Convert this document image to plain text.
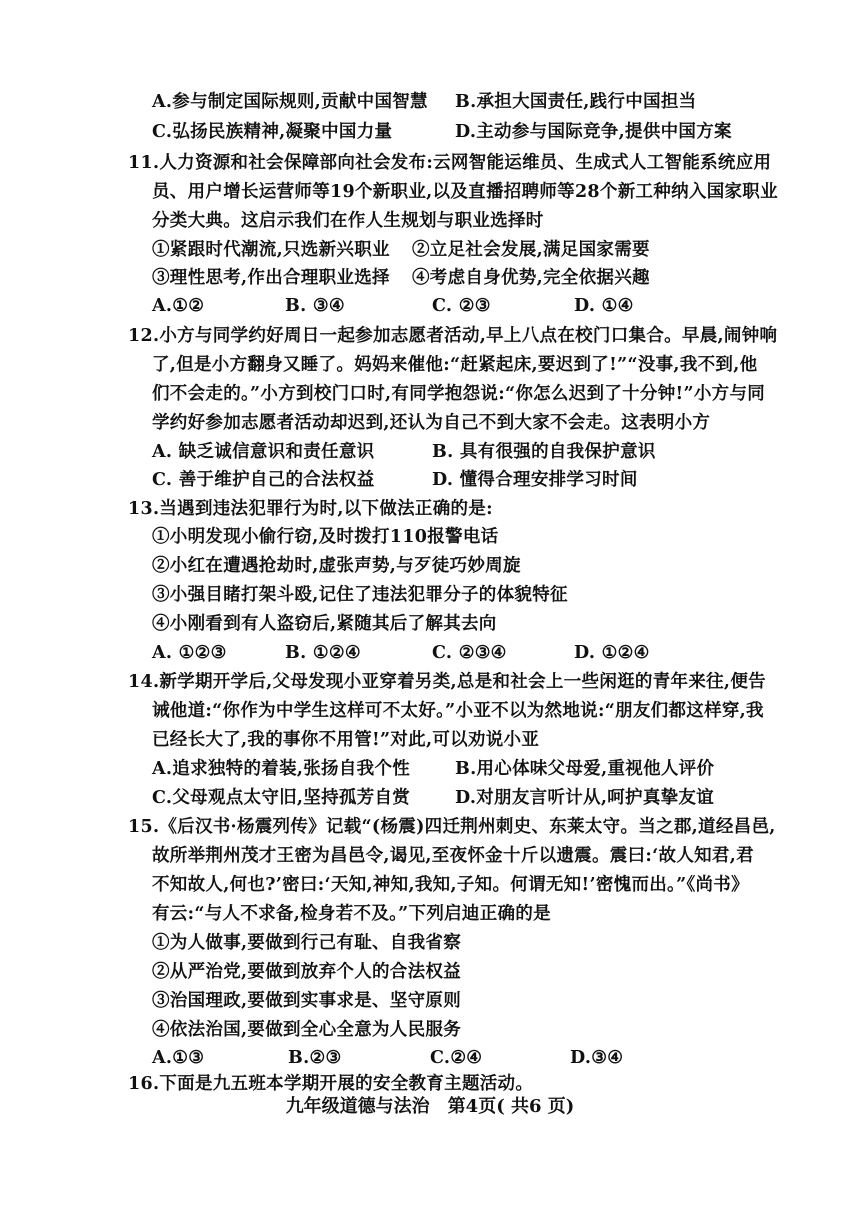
A.参与制定国际规则,贡献中国智慧 B.承担大国责任,践行中国担当
C.弘扬民族精神,凝聚中国力量	D.主动参与国际竞争,提供中国方案
11.人力资源和社会保障部向社会发布:云网智能运维员、生成式人工智能系统应用
员、用户增长运营师等19个新职业,以及直播招聘师等28个新工种纳入国家职业
分类大典。这启示我们在作人生规划与职业选择时
①紧跟时代潮流,只选新兴职业 ②立足社会发展,满足国家需要
③理性思考,作出合理职业选择 ④考虑自身优势,完全依据兴趣
A.①②	B. ③④	C. ②③	D. ①④
12.小方与同学约好周日一起参加志愿者活动,早上八点在校门口集合。早晨,闹钟响
了,但是小方翻身又睡了。妈妈来催他:“赶紧起床,要迟到了!”“没事,我不到,他
们不会走的。”小方到校门口时,有同学抱怨说:“你怎么迟到了十分钟!”小方与同
学约好参加志愿者活动却迟到,还认为自己不到大家不会走。这表明小方
A. 缺乏诚信意识和责任意识	B. 具有很强的自我保护意识
C. 善于维护自己的合法权益	D. 懂得合理安排学习时间
13.当遇到违法犯罪行为时,以下做法正确的是:
①小明发现小偷行窃,及时拨打110报警电话
②小红在遭遇抢劫时,虚张声势,与歹徒巧妙周旋
③小强目睹打架斗殴,记住了违法犯罪分子的体貌特征
④小刚看到有人盗窃后,紧随其后了解其去向
A. ①②③	B. ①②④	C. ②③④	D. ①②④
14.新学期开学后,父母发现小亚穿着另类,总是和社会上一些闲逛的青年来往,便告
诫他道:“你作为中学生这样可不太好。”小亚不以为然地说:“朋友们都这样穿,我
已经长大了,我的事你不用管!”对此,可以劝说小亚
A.追求独特的着装,张扬自我个性	B.用心体味父母爱,重视他人评价
C.父母观点太守旧,坚持孤芳自赏	D.对朋友言听计从,呵护真挚友谊
15.《后汉书·杨震列传》记载“(杨震)四迁荆州刺史、东莱太守。当之郡,道经昌邑,
故所举荆州茂才王密为昌邑令,谒见,至夜怀金十斤以遗震。震曰:‘故人知君,君
不知故人,何也?’密曰:‘天知,神知,我知,子知。何谓无知!’密愧而出。”《尚书》
有云:“与人不求备,检身若不及。”下列启迪正确的是
①为人做事,要做到行己有耻、自我省察
②从严治党,要做到放弃个人的合法权益
③治国理政,要做到实事求是、坚守原则
④依法治国,要做到全心全意为人民服务
A.①③	B.②③	C.②④	D.③④
16.下面是九五班本学期开展的安全教育主题活动。
九年级道德与法治　第4页( 共6 页)
